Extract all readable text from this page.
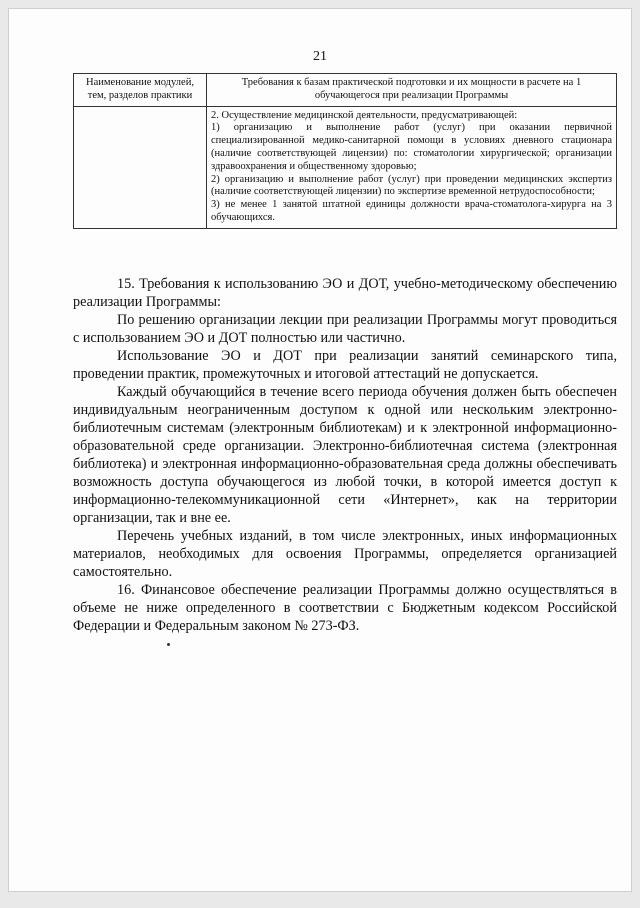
21
Наименование модулей, тем, разделов практики	Требования к базам практической подготовки и их мощности в расчете на 1 обучающегося при реализации Программы

	2. Осуществление медицинской деятельности, предусматривающей:

1) организацию и выполнение работ (услуг) при оказании первичной специализированной медико-санитарной помощи в условиях дневного стационара (наличие соответствующей лицензии) по: стоматологии хирургической; организации здравоохранения и общественному здоровью;

2) организацию и выполнение работ (услуг) при проведении медицинских экспертиз (наличие соответствующей лицензии) по экспертизе временной нетрудоспособности;

3) не менее 1 занятой штатной единицы должности врача-стоматолога-хирурга на 3 обучающихся.

15. Требования к использованию ЭО и ДОТ, учебно-методическому обеспечению реализации Программы:

По решению организации лекции при реализации Программы могут проводиться с использованием ЭО и ДОТ полностью или частично.

Использование ЭО и ДОТ при реализации занятий семинарского типа, проведении практик, промежуточных и итоговой аттестаций не допускается.

Каждый обучающийся в течение всего периода обучения должен быть обеспечен индивидуальным неограниченным доступом к одной или нескольким электронно-библиотечным системам (электронным библиотекам) и к электронной информационно-образовательной среде организации. Электронно-библиотечная система (электронная библиотека) и электронная информационно-образовательная среда должны обеспечивать возможность доступа обучающегося из любой точки, в которой имеется доступ к информационно-телекоммуникационной сети «Интернет», как на территории организации, так и вне ее.

Перечень учебных изданий, в том числе электронных, иных информационных материалов, необходимых для освоения Программы, определяется организацией самостоятельно.

16. Финансовое обеспечение реализации Программы должно осуществляться в объеме не ниже определенного в соответствии с Бюджетным кодексом Российской Федерации и Федеральным законом № 273-ФЗ.
